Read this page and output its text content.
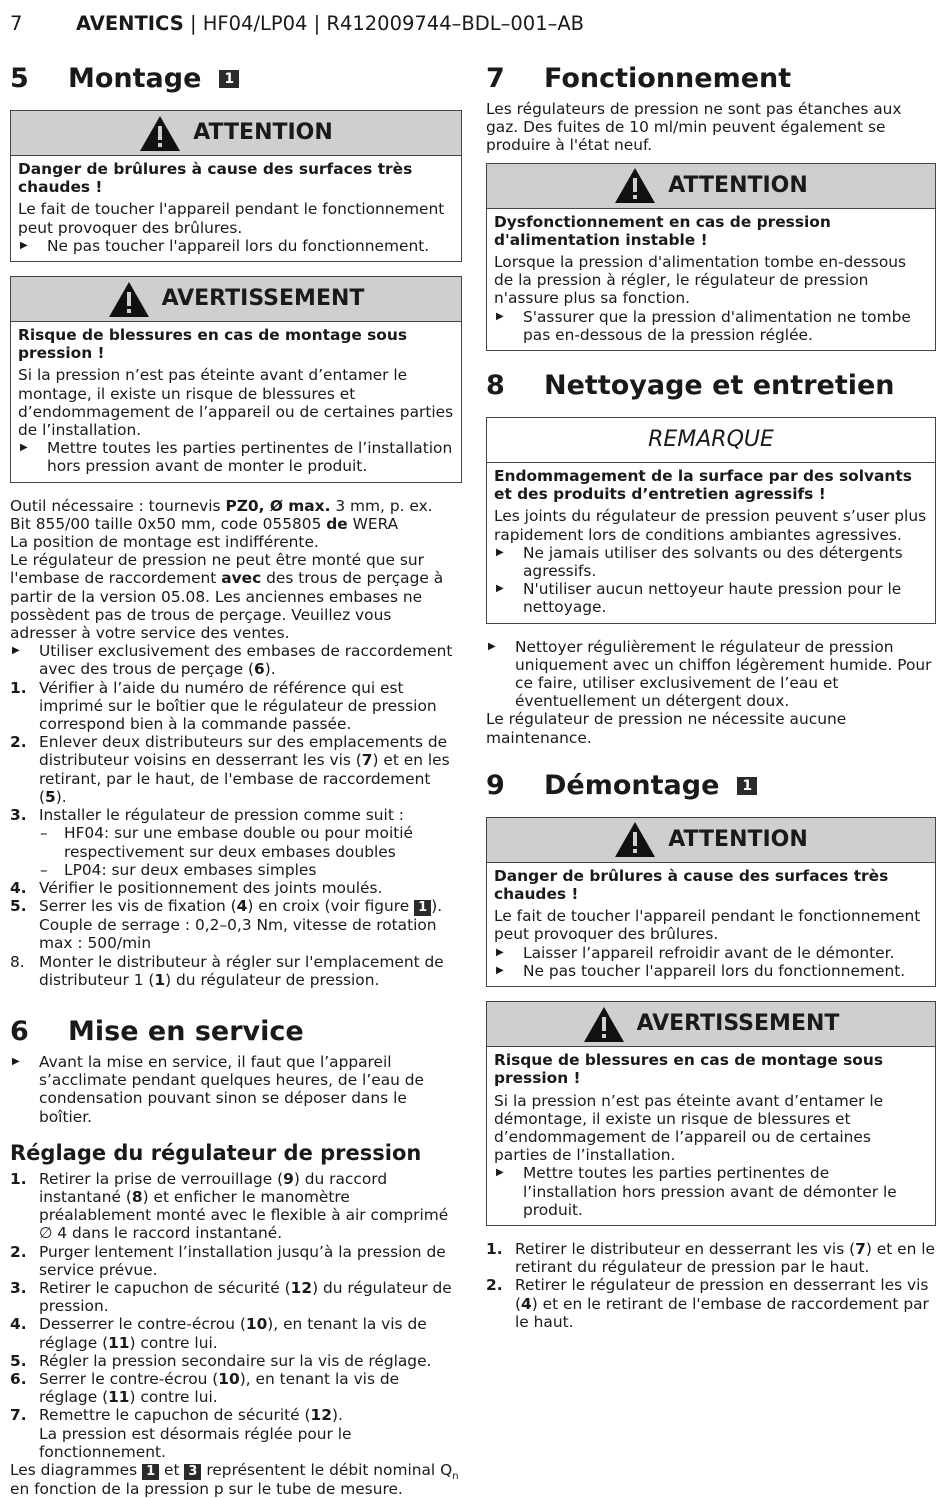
7	AVENTICS | HF04/LP04 | R412009744–BDL–001–AB
5	Montage	1
ATTENTION

Danger de brûlures à cause des surfaces très chaudes !

Le fait de toucher l'appareil pendant le fonctionnement peut provoquer des brûlures.

▶ Ne pas toucher l'appareil lors du fonctionnement.

AVERTISSEMENT

Risque de blessures en cas de montage sous pression !

Si la pression n’est pas éteinte avant d’entamer le montage, il existe un risque de blessures et d’endommagement de l’appareil ou de certaines parties de l’installation.

▶ Mettre toutes les parties pertinentes de l’installation hors pression avant de monter le produit.

Outil nécessaire : tournevis PZ0, Ø max. 3 mm, p. ex.

Bit 855/00 taille 0x50 mm, code 055805 de WERA

La position de montage est indifférente.

Le régulateur de pression ne peut être monté que sur l'embase de raccordement avec des trous de perçage à partir de la version 05.08. Les anciennes embases ne possèdent pas de trous de perçage. Veuillez vous adresser à votre service des ventes.

▶ Utiliser exclusivement des embases de raccordement avec des trous de perçage (6).

1. Vérifier à l’aide du numéro de référence qui est imprimé sur le boîtier que le régulateur de pression correspond bien à la commande passée.
2. Enlever deux distributeurs sur des emplacements de distributeur voisins en desserrant les vis (7) et en les retirant, par le haut, de l'embase de raccordement (5).
3. Installer le régulateur de pression comme suit :
– HF04: sur une embase double ou pour moitié respectivement sur deux embases doubles
– LP04: sur deux embases simples
4. Vérifier le positionnement des joints moulés.
5. Serrer les vis de fixation (4) en croix (voir figure 1 ).
Couple de serrage : 0,2–0,3 Nm, vitesse de rotation max : 500/min
8. Monter le distributeur à régler sur l'emplacement de distributeur 1 (1) du régulateur de pression.
6	Mise en service

▶ Avant la mise en service, il faut que l’appareil s’acclimate pendant quelques heures, de l’eau de condensation pouvant sinon se déposer dans le boîtier.

Réglage du régulateur de pression
1. Retirer la prise de verrouillage (9) du raccord instantané (8) et enficher le manomètre préalablement monté avec le flexible à air comprimé ∅ 4 dans le raccord instantané.
2. Purger lentement l’installation jusqu’à la pression de service prévue.
3. Retirer le capuchon de sécurité (12) du régulateur de pression.
4. Desserrer le contre-écrou (10), en tenant la vis de réglage (11) contre lui.
5. Régler la pression secondaire sur la vis de réglage.
6. Serrer le contre-écrou (10), en tenant la vis de réglage (11) contre lui.
7. Remettre le capuchon de sécurité (12).
La pression est désormais réglée pour le fonctionnement.

Les diagrammes 1 et 3 représentent le débit nominal $Q_n$ en fonction de la pression p sur le tube de mesure.

7	Fonctionnement

Les régulateurs de pression ne sont pas étanches aux gaz. Des fuites de 10 ml/min peuvent également se produire à l'état neuf.

ATTENTION

Dysfonctionnement en cas de pression d'alimentation instable !

Lorsque la pression d'alimentation tombe en-dessous de la pression à régler, le régulateur de pression n'assure plus sa fonction.

▶ S'assurer que la pression d'alimentation ne tombe pas en-dessous de la pression réglée.

8	Nettoyage et entretien
REMARQUE

Endommagement de la surface par des solvants et des produits d’entretien agressifs !

Les joints du régulateur de pression peuvent s’user plus rapidement lors de conditions ambiantes agressives.

▶ Ne jamais utiliser des solvants ou des détergents agressifs.

▶ N'utiliser aucun nettoyeur haute pression pour le nettoyage.

▶ Nettoyer régulièrement le régulateur de pression uniquement avec un chiffon légèrement humide. Pour ce faire, utiliser exclusivement de l’eau et éventuellement un détergent doux.

Le régulateur de pression ne nécessite aucune maintenance.

9	Démontage	1
ATTENTION

Danger de brûlures à cause des surfaces très chaudes !

Le fait de toucher l'appareil pendant le fonctionnement peut provoquer des brûlures.

▶ Laisser l’appareil refroidir avant de le démonter.

▶ Ne pas toucher l'appareil lors du fonctionnement.

AVERTISSEMENT

Risque de blessures en cas de montage sous pression !

Si la pression n’est pas éteinte avant d’entamer le démontage, il existe un risque de blessures et d’endommagement de l’appareil ou de certaines parties de l’installation.

▶ Mettre toutes les parties pertinentes de l’installation hors pression avant de démonter le produit.

1. Retirer le distributeur en desserrant les vis (7) et en le retirant du régulateur de pression par le haut.
2. Retirer le régulateur de pression en desserrant les vis (4) et en le retirant de l'embase de raccordement par le haut.
